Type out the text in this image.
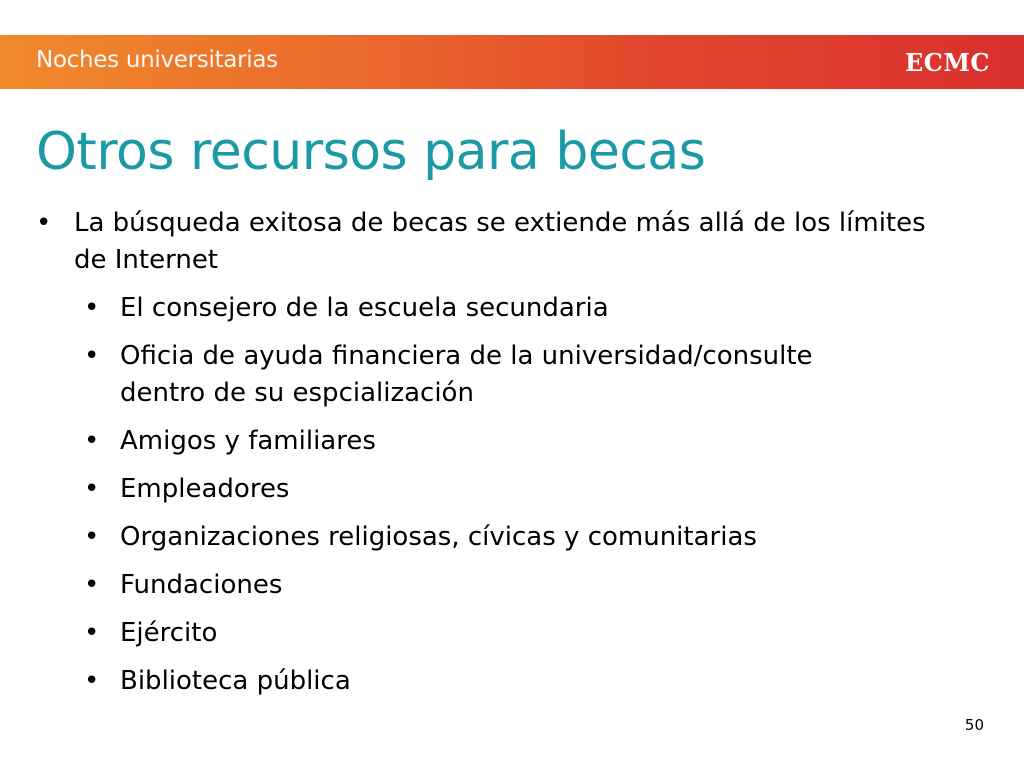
Noches universitarias	ECMC
Otros recursos para becas
• La búsqueda exitosa de becas se extiende más allá de los límites de Internet
• El consejero de la escuela secundaria
• Oficia de ayuda financiera de la universidad/consulte dentro de su espcialización
• Amigos y familiares
• Empleadores
• Organizaciones religiosas, cívicas y comunitarias
• Fundaciones
• Ejército
• Biblioteca pública
50
